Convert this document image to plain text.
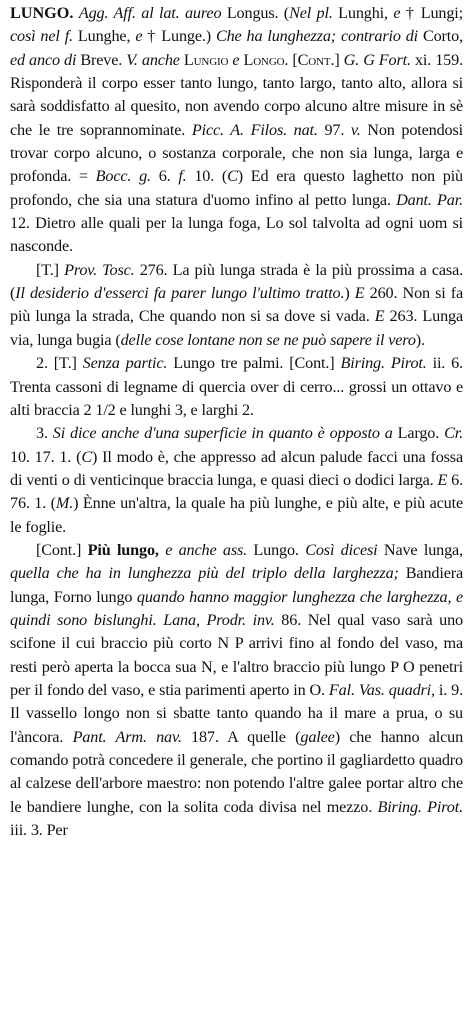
LUNGO. Agg. Aff. al lat. aureo Longus. (Nel pl. Lunghi, e † Lungi; così nel f. Lunghe, e † Lunge.) Che ha lunghezza; contrario di Corto, ed anco di Breve. V. anche Lungio e Longo. [Cont.] G. G Fort. xi. 159. Risponderà il corpo esser tanto lungo, tanto largo, tanto alto, allora si sarà soddisfatto al quesito, non avendo corpo alcuno altre misure in sè che le tre soprannominate. Picc. A. Filos. nat. 97. v. Non potendosi trovar corpo alcuno, o sostanza corporale, che non sia lunga, larga e profonda. = Bocc. g. 6. f. 10. (C) Ed era questo laghetto non più profondo, che sia una statura d'uomo infino al petto lunga. Dant. Par. 12. Dietro alle quali per la lunga foga, Lo sol talvolta ad ogni uom si nasconde.

[T.] Prov. Tosc. 276. La più lunga strada è la più prossima a casa. (Il desiderio d'esserci fa parer lungo l'ultimo tratto.) E 260. Non si fa più lunga la strada, Che quando non si sa dove si vada. E 263. Lunga via, lunga bugia (delle cose lontane non se ne può sapere il vero).

2. [T.] Senza partic. Lungo tre palmi. [Cont.] Biring. Pirot. ii. 6. Trenta cassoni di legname di quercia over di cerro... grossi un ottavo e alti braccia 2 1/2 e lunghi 3, e larghi 2.

3. Si dice anche d'una superficie in quanto è opposto a Largo. Cr. 10. 17. 1. (C) Il modo è, che appresso ad alcun palude facci una fossa di venti o di venticinque braccia lunga, e quasi dieci o dodici larga. E 6. 76. 1. (M.) Ènne un'altra, la quale ha più lunghe, e più alte, e più acute le foglie.

[Cont.] Più lungo, e anche ass. Lungo. Così dicesi Nave lunga, quella che ha in lunghezza più del triplo della larghezza; Bandiera lunga, Forno lungo quando hanno maggior lunghezza che larghezza, e quindi sono bislunghi. Lana, Prodr. inv. 86. Nel qual vaso sarà uno scifone il cui braccio più corto N P arrivi fino al fondo del vaso, ma resti però aperta la bocca sua N, e l'altro braccio più lungo P O penetri per il fondo del vaso, e stia parimenti aperto in O. Fal. Vas. quadri, i. 9. Il vassello longo non si sbatte tanto quando ha il mare a prua, o su l'àncora. Pant. Arm. nav. 187. A quelle (galee) che hanno alcun comando potrà concedere il generale, che portino il gagliardetto quadro al calzese dell'arbore maestro: non potendo l'altre galee portar altro che le bandiere lunghe, con la solita coda divisa nel mezzo. Biring. Pirot. iii. 3. Per
